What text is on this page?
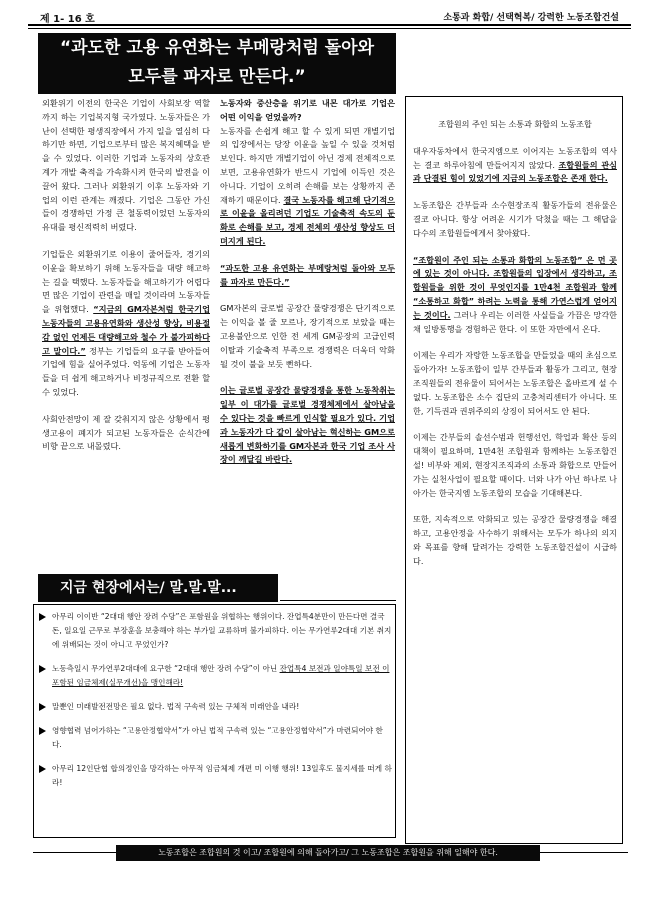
제 1- 16 호	소통과 화합/ 선택혁복/ 강력한 노동조합건설
“과도한 고용 유연화는 부메랑처럼 돌아와
모두를 파자로 만든다.”

외환위기 이전의 한국은 기업이 사회보장 역할까지 하는 기업복지형 국가였다. 노동자들은 가난이 선택한 평생직장에서 가지 일을 열심히 다하기만 하면, 기업으로부터 많은 복지혜택을 받을 수 있었다. 이러한 기업과 노동자의 상호관계가 개발 축적을 가속화시켜 한국의 발전을 이끌어 왔다. 그러나 외환위기 이후 노동자와 기업의 이런 관계는 깨졌다. 기업은 그동안 가신들이 경쟁하던 가정 큰 철동력이었던 노동자의 유대를 평신적력히 버렸다.

기업들은 외환위기로 이용이 줄어들자, 경기의 이윤을 확보하기 위해 노동자들을 대량 해고하는 길을 택했다. 노동자들을 해고하기가 어렵다면 많은 기업이 관련을 매일 것이라며 노동자들을 위협했다. “지금의 GM자본처럼 한국기업 노동자들의 고용유연화와 생산성 향상, 비용절감 없인 언제든 대량해고와 철수 가 불가피하다고 말이다.” 정부는 기업들의 요구를 받아들여 기업에 힘을 실어주었다. 억동에 기업은 노동자들을 더 쉽게 해고하거나 비정규직으로 전환 할 수 있었다.

사회안전망이 제 잘 갖춰지지 않은 상황에서 평생고용이 폐지가 되고된 노동자들은 순식간에 비향 끝으로 내몰렸다.

노동자와 중산층을 위기로 내몬 대가로 기업은 어떤 이익을 얻었을까?

노동자를 손쉽게 해고 할 수 있게 되면 개별기업의 입장에서는 당장 이윤을 높일 수 있을 것처럼 보인다. 하지만 개별기업이 아닌 경제 전체적으로 보면, 고용유연화가 반드시 기업에 이득인 것은 아니다. 기업이 오히려 손해를 보는 상황까지 존재하기 때문이다. 결국 노동자를 해고해 단기적으로 이윤을 올리려던 기업도 기술축적 속도의 둔화로 손해를 보고, 경제 전체의 생산성 향상도 더뎌지게 된다.

“과도한 고용 유연화는 부메랑처럼 돌아와 모두를 파자로 만든다.”

GM자본의 글로벌 공장간 물량경쟁은 단기적으로는 이익을 볼 줄 모르나, 장기적으로 보았을 때는 고용불안으로 인한 전 세계 GM공장의 고급인력 이탈과 기술축적 부족으로 경쟁력은 더욱더 악화 될 것이 불을 보듯 뻔하다.

이는 글로벌 공장간 물량경쟁을 통한 노동착취는 일부 이 대가를 글로벌 경쟁체제에서 살아남을 수 있다는 것을 빠르게 인식할 필요가 있다. 기업과 노동자가 다 같이 살아남는 혁신하는 GM으로 새롭게 변화하기를 GM자본과 한국 기업 조사 사장이 깨달길 바란다.

조합원의 주인 되는 소통과 화합의 노동조합

대우자동차에서 한국지엠으로 이어지는 노동조합의 역사는 결코 하루아침에 만들어지지 않았다. 조합원들의 관심과 단결된 힘이 있었기에 지금의 노동조합은 존재 한다.

노동조합은 간부들과 소수현장조직 활동가들의 전유물은 결코 아니다. 항상 어려운 시기가 닥쳤을 때는 그 해답을 다수의 조합원들에게서 찾아왔다.

“조합원이 주인 되는 소통과 화합의 노동조합” 은 먼 곳에 있는 것이 아니다. 조합원들의 입장에서 생각하고, 조합원들을 위한 것이 무엇인지를 1만4천 조합원과 함께 “소통하고 화합” 하려는 노력을 통해 가연스럽게 얻어지는 것이다. 그러나 우리는 이러한 사실들을 가끔은 망각한 채 일방통행을 경험하곤 한다. 이 또한 자만에서 온다.

이제는 우리가 자랑한 노동조합을 만들었을 때의 초심으로 돌아가자! 노동조합이 일부 간부들과 활동가 그리고, 현장조직원들의 전유물이 되어서는 노동조합은 올바르게 설 수 없다. 노동조합은 소수 집단의 고충처리센터가 아니다. 또한, 기득권과 권위주의의 상징이 되어서도 안 된다.

이제는 간부들의 솔선수범과 헌행선언, 학업과 확산 등의 대책이 필요하며, 1만4천 조합원과 함께하는 노동조합건설! 비부와 제외, 현장지조직과의 소통과 화합으로 만들어가는 실천사업이 필요할 때이다. 너와 나가 아닌 하나로 나아가는 한국지엠 노동조합의 모습을 기대해본다.

또한, 지속적으로 악화되고 있는 공장간 물량경쟁을 해결하고, 고용안정을 사수하기 위해서는 모두가 하나의 의지와 목표를 향해 달려가는 강력한 노동조합건설이 시급하다.

지금 현장에서는/ 말.말.말...
아무리 이이반 “2대대 행안 장려 수당”은 포함원을 위협하는 행위이다. 잔업특4분만이 만든다면 결국 돈, 일요일 근무로 부장훈을 보충해야 하는 부가일 교류하며 불가피하다. 이는 무가연루2대대 기본 취지에 위배되는 것이 아니고 무었인가?
노동측일시 무가연루2대대에 요구한 “2대대 행안 장려 수당”이 아닌 잔업특4 보전과 일야특일 보전 이 포함된 임금체제(실무개선)을 맹인해라!
말뿐인 미래발전전망은 필요 없다. 법적 구속력 있는 구체적 미래안을 내라!
영향협력 넘어가하는 “고용안정협약서”가 아닌 법적 구속력 있는 “고용안정협약서”가 마련되어야 한다.
아무리 12인단협 합의정인을 망각하는 아무적 임금체제 개편 미 이행 행위! 13일후도 물지세를 떠게 하라!
노동조합은 조합원의 것 이고/ 조합원에 의해 돌아가고/ 그 노동조합은 조합원을 위해 일해야 한다.
